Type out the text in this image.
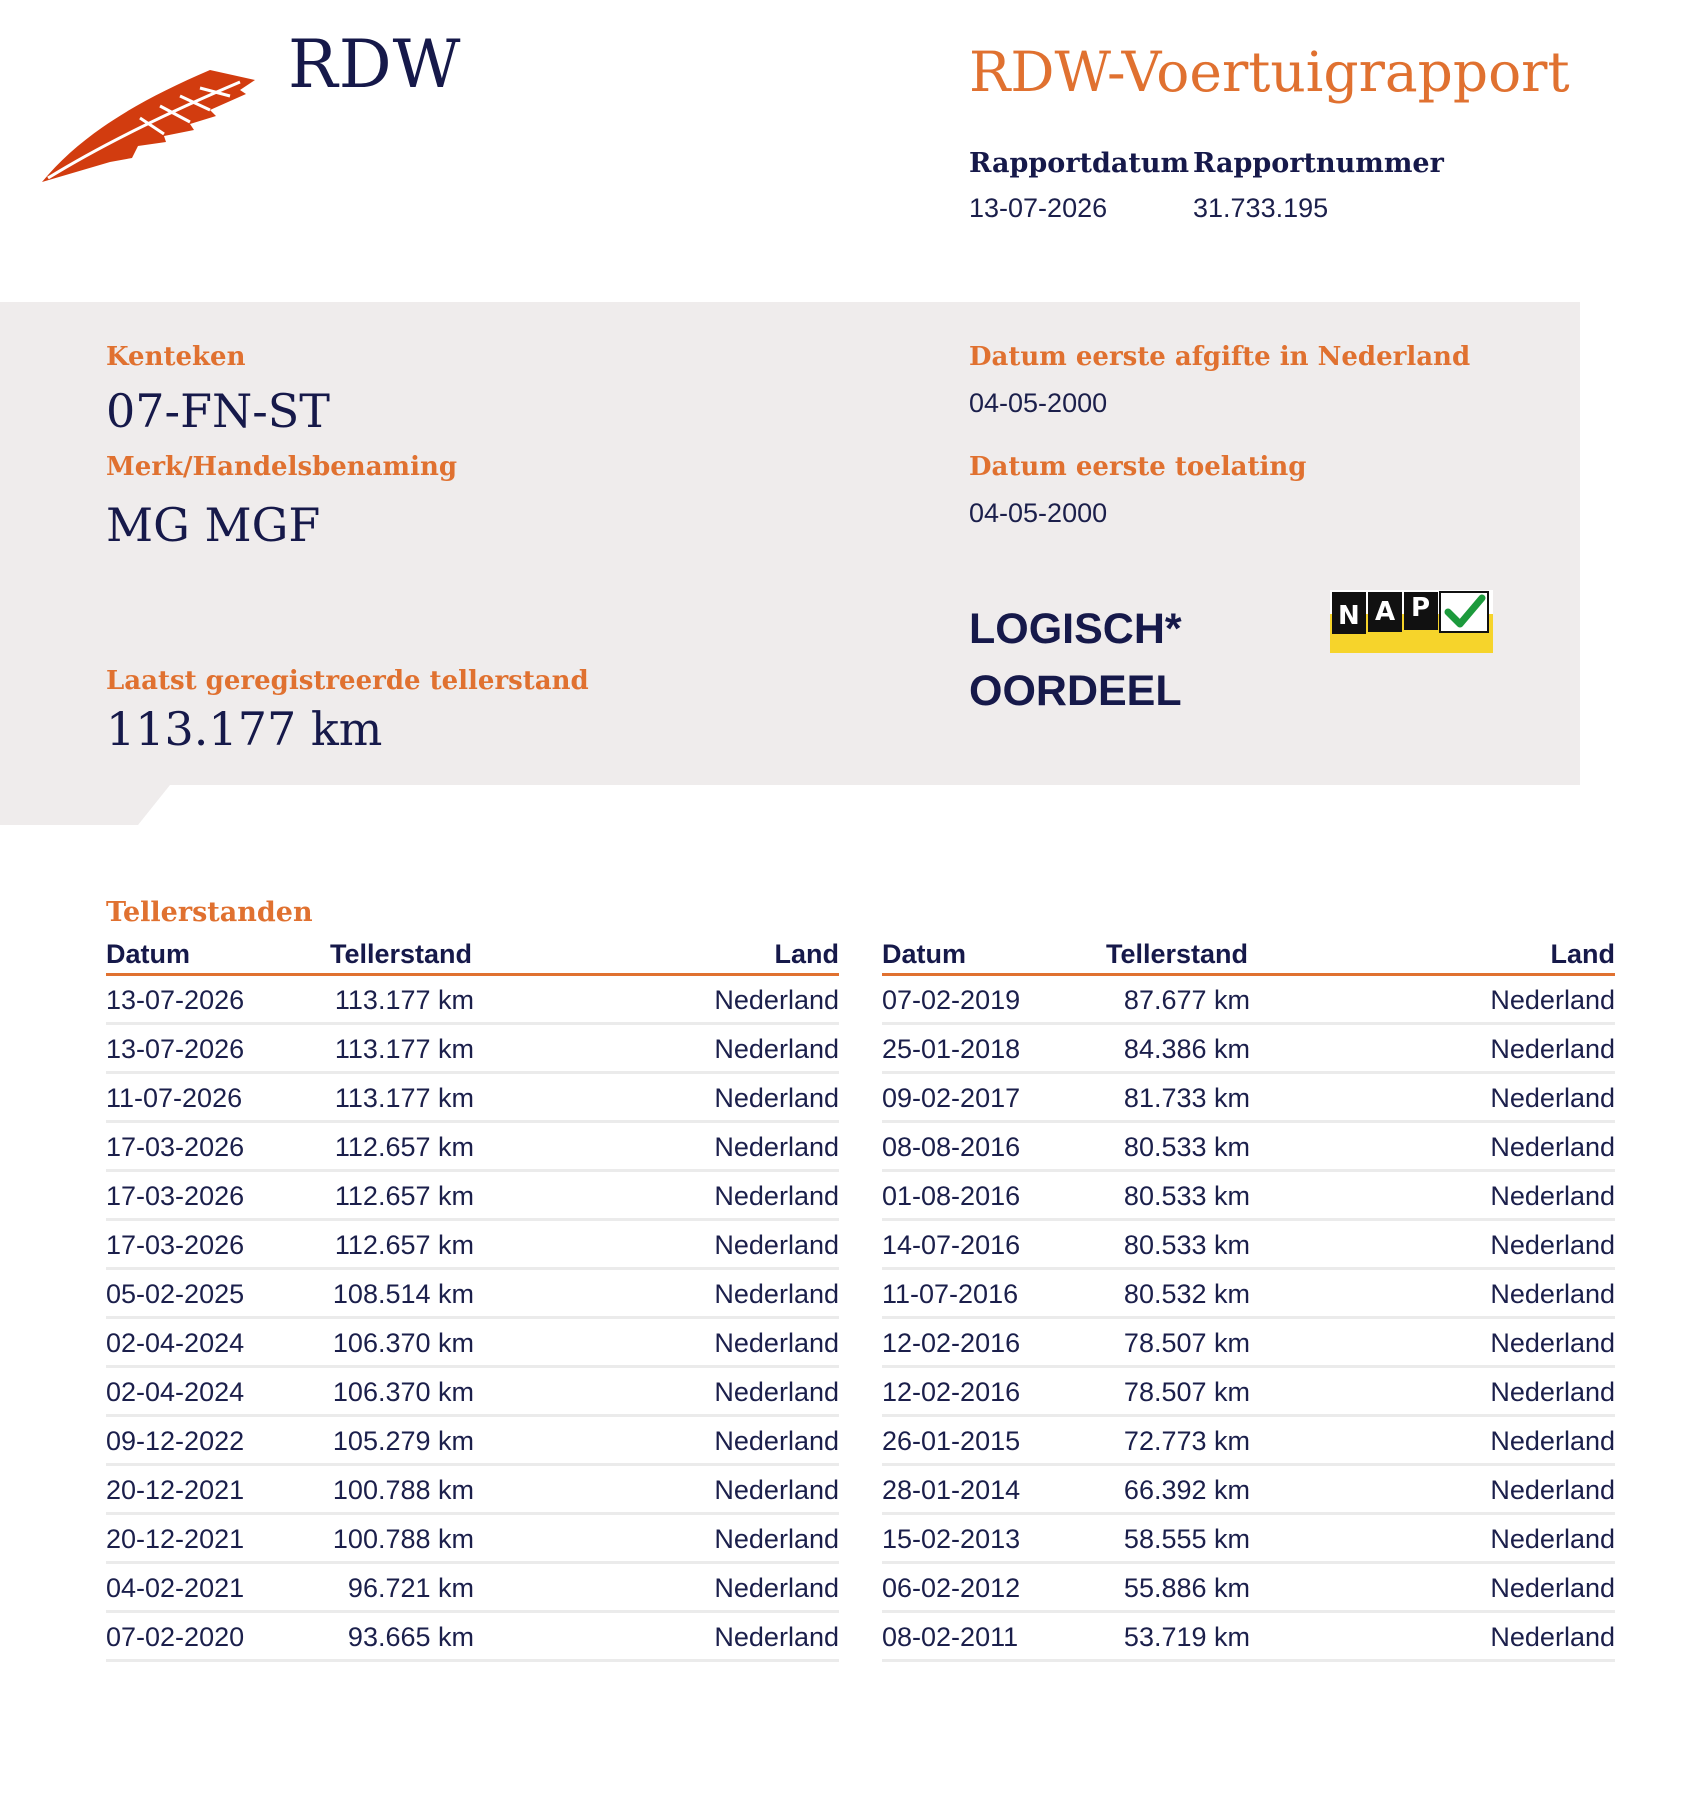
RDW	RDW-Voertuigrapport
Rapportdatum
13-07-2026
Rapportnummer
31.733.195
Kenteken
07-FN-ST
Merk/Handelsbenaming
MG MGF
Laatst geregistreerde tellerstand
113.177 km
Datum eerste afgifte in Nederland
04-05-2000
Datum eerste toelating
04-05-2000
LOGISCH*
OORDEEL
N A P
Tellerstanden
Datum	Tellerstand	Land
13-07-2026	113.177 km	Nederland
13-07-2026	113.177 km	Nederland
11-07-2026	113.177 km	Nederland
17-03-2026	112.657 km	Nederland
17-03-2026	112.657 km	Nederland
17-03-2026	112.657 km	Nederland
05-02-2025	108.514 km	Nederland
02-04-2024	106.370 km	Nederland
02-04-2024	106.370 km	Nederland
09-12-2022	105.279 km	Nederland
20-12-2021	100.788 km	Nederland
20-12-2021	100.788 km	Nederland
04-02-2021	96.721 km	Nederland
07-02-2020	93.665 km	Nederland
Datum	Tellerstand	Land
07-02-2019	87.677 km	Nederland
25-01-2018	84.386 km	Nederland
09-02-2017	81.733 km	Nederland
08-08-2016	80.533 km	Nederland
01-08-2016	80.533 km	Nederland
14-07-2016	80.533 km	Nederland
11-07-2016	80.532 km	Nederland
12-02-2016	78.507 km	Nederland
12-02-2016	78.507 km	Nederland
26-01-2015	72.773 km	Nederland
28-01-2014	66.392 km	Nederland
15-02-2013	58.555 km	Nederland
06-02-2012	55.886 km	Nederland
08-02-2011	53.719 km	Nederland
